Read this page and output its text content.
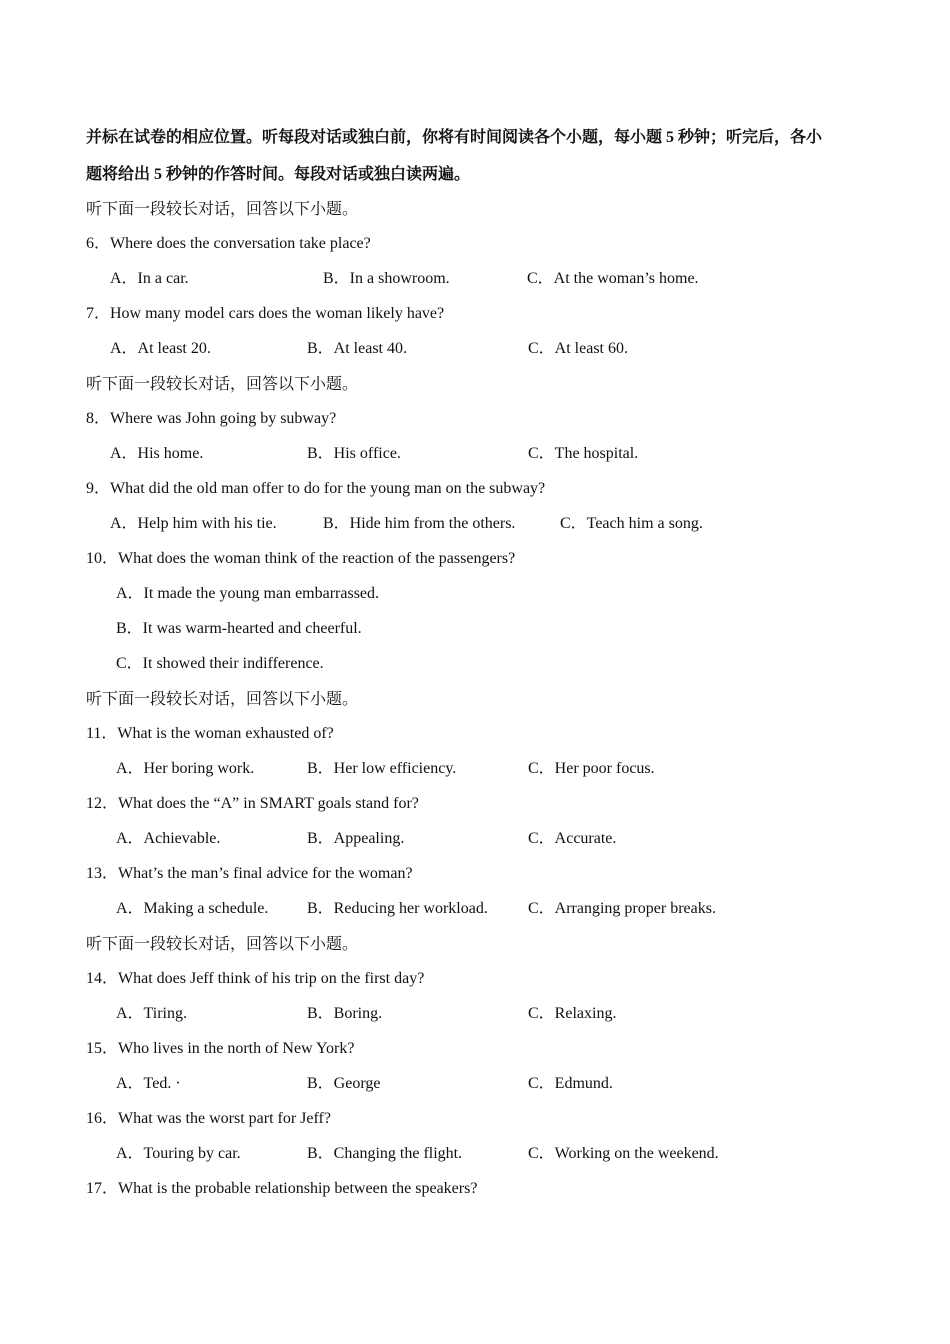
并标在试卷的相应位置。听每段对话或独白前，你将有时间阅读各个小题，每小题 5 秒钟；听完后，各小
题将给出 5 秒钟的作答时间。每段对话或独白读两遍。
听下面一段较长对话，回答以下小题。
6．Where does the conversation take place?
A．In a car.	B．In a showroom.	C．At the woman’s home.
7．How many model cars does the woman likely have?
A．At least 20.	B．At least 40.	C．At least 60.
听下面一段较长对话，回答以下小题。
8．Where was John going by subway?
A．His home.	B．His office.	C．The hospital.
9．What did the old man offer to do for the young man on the subway?
A．Help him with his tie.	B．Hide him from the others.	C．Teach him a song.
10．What does the woman think of the reaction of the passengers?
A．It made the young man embarrassed.
B．It was warm-hearted and cheerful.
C．It showed their indifference.
听下面一段较长对话，回答以下小题。
11．What is the woman exhausted of?
A．Her boring work.	B．Her low efficiency.	C．Her poor focus.
12．What does the “A” in SMART goals stand for?
A．Achievable.	B．Appealing.	C．Accurate.
13．What’s the man’s final advice for the woman?
A．Making a schedule. B．Reducing her workload.	C．Arranging proper breaks.
听下面一段较长对话，回答以下小题。
14．What does Jeff think of his trip on the first day?
A．Tiring.	B．Boring.	C．Relaxing.
15．Who lives in the north of New York?
A．Ted. ·	B．George	C．Edmund.
16．What was the worst part for Jeff?
A．Touring by car.	B．Changing the flight.	C．Working on the weekend.
17．What is the probable relationship between the speakers?
